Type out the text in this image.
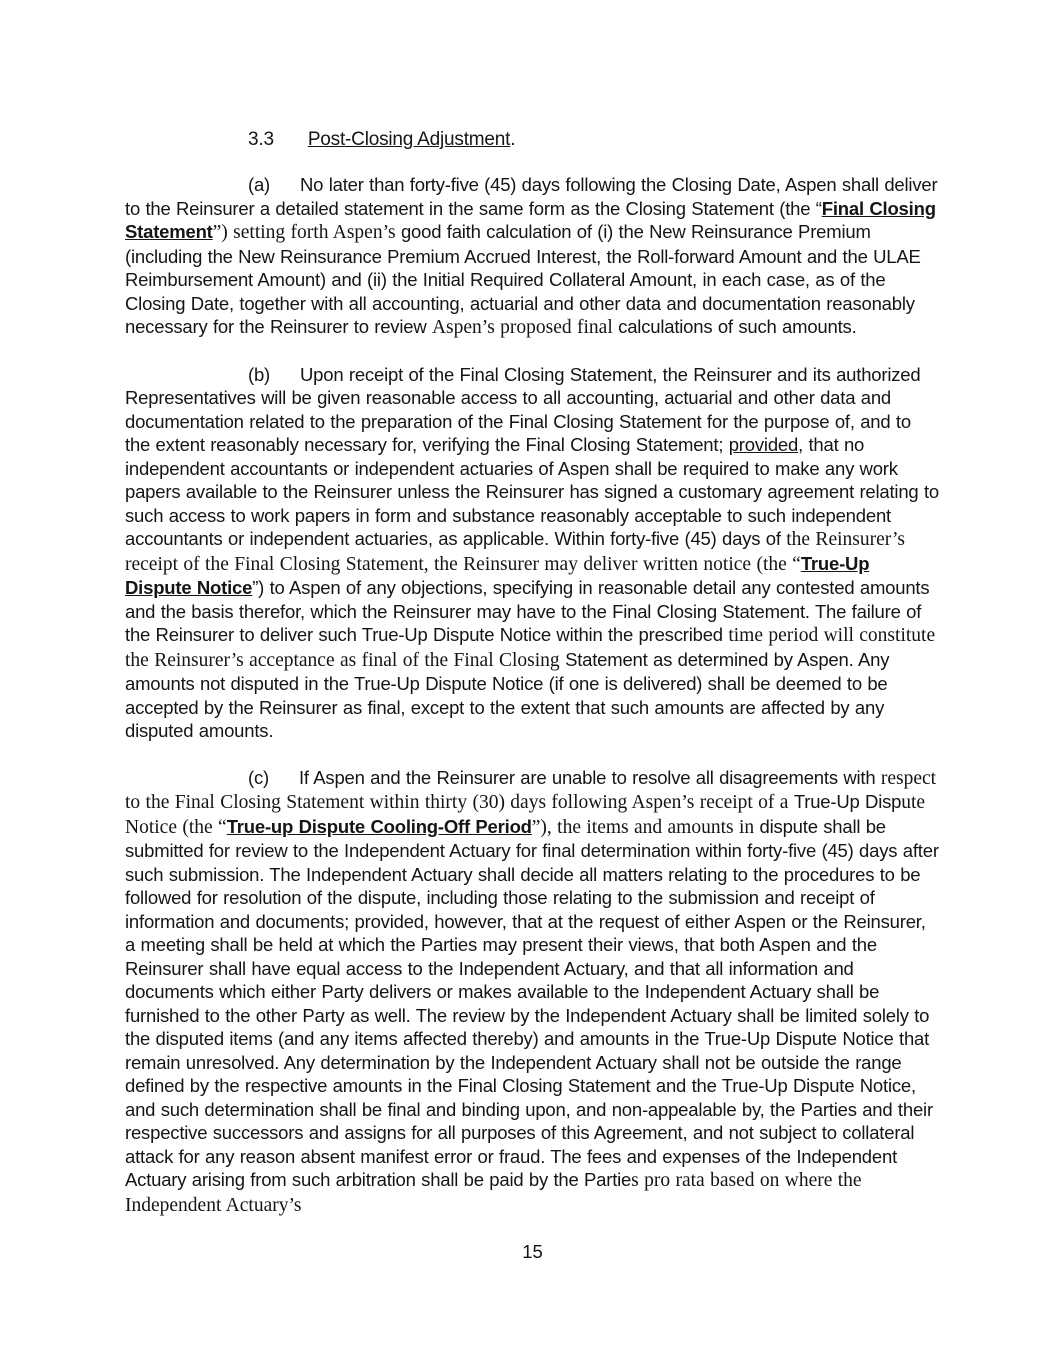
3.3 Post-Closing Adjustment.

(a) No later than forty-five (45) days following the Closing Date, Aspen shall deliver to the Reinsurer a detailed statement in the same form as the Closing Statement (the “Final Closing Statement”) setting forth Aspen’s good faith calculation of (i) the New Reinsurance Premium (including the New Reinsurance Premium Accrued Interest, the Roll-forward Amount and the ULAE Reimbursement Amount) and (ii) the Initial Required Collateral Amount, in each case, as of the Closing Date, together with all accounting, actuarial and other data and documentation reasonably necessary for the Reinsurer to review Aspen’s proposed final calculations of such amounts.

(b) Upon receipt of the Final Closing Statement, the Reinsurer and its authorized Representatives will be given reasonable access to all accounting, actuarial and other data and documentation related to the preparation of the Final Closing Statement for the purpose of, and to the extent reasonably necessary for, verifying the Final Closing Statement; provided, that no independent accountants or independent actuaries of Aspen shall be required to make any work papers available to the Reinsurer unless the Reinsurer has signed a customary agreement relating to such access to work papers in form and substance reasonably acceptable to such independent accountants or independent actuaries, as applicable. Within forty-five (45) days of the Reinsurer’s receipt of the Final Closing Statement, the Reinsurer may deliver written notice (the “True-Up Dispute Notice”) to Aspen of any objections, specifying in reasonable detail any contested amounts and the basis therefor, which the Reinsurer may have to the Final Closing Statement. The failure of the Reinsurer to deliver such True-Up Dispute Notice within the prescribed time period will constitute the Reinsurer’s acceptance as final of the Final Closing Statement as determined by Aspen. Any amounts not disputed in the True-Up Dispute Notice (if one is delivered) shall be deemed to be accepted by the Reinsurer as final, except to the extent that such amounts are affected by any disputed amounts.

(c) If Aspen and the Reinsurer are unable to resolve all disagreements with respect to the Final Closing Statement within thirty (30) days following Aspen’s receipt of a True-Up Dispute Notice (the “True-up Dispute Cooling-Off Period”), the items and amounts in dispute shall be submitted for review to the Independent Actuary for final determination within forty-five (45) days after such submission. The Independent Actuary shall decide all matters relating to the procedures to be followed for resolution of the dispute, including those relating to the submission and receipt of information and documents; provided, however, that at the request of either Aspen or the Reinsurer, a meeting shall be held at which the Parties may present their views, that both Aspen and the Reinsurer shall have equal access to the Independent Actuary, and that all information and documents which either Party delivers or makes available to the Independent Actuary shall be furnished to the other Party as well. The review by the Independent Actuary shall be limited solely to the disputed items (and any items affected thereby) and amounts in the True-Up Dispute Notice that remain unresolved. Any determination by the Independent Actuary shall not be outside the range defined by the respective amounts in the Final Closing Statement and the True-Up Dispute Notice, and such determination shall be final and binding upon, and non-appealable by, the Parties and their respective successors and assigns for all purposes of this Agreement, and not subject to collateral attack for any reason absent manifest error or fraud. The fees and expenses of the Independent Actuary arising from such arbitration shall be paid by the Parties pro rata based on where the Independent Actuary’s

15
